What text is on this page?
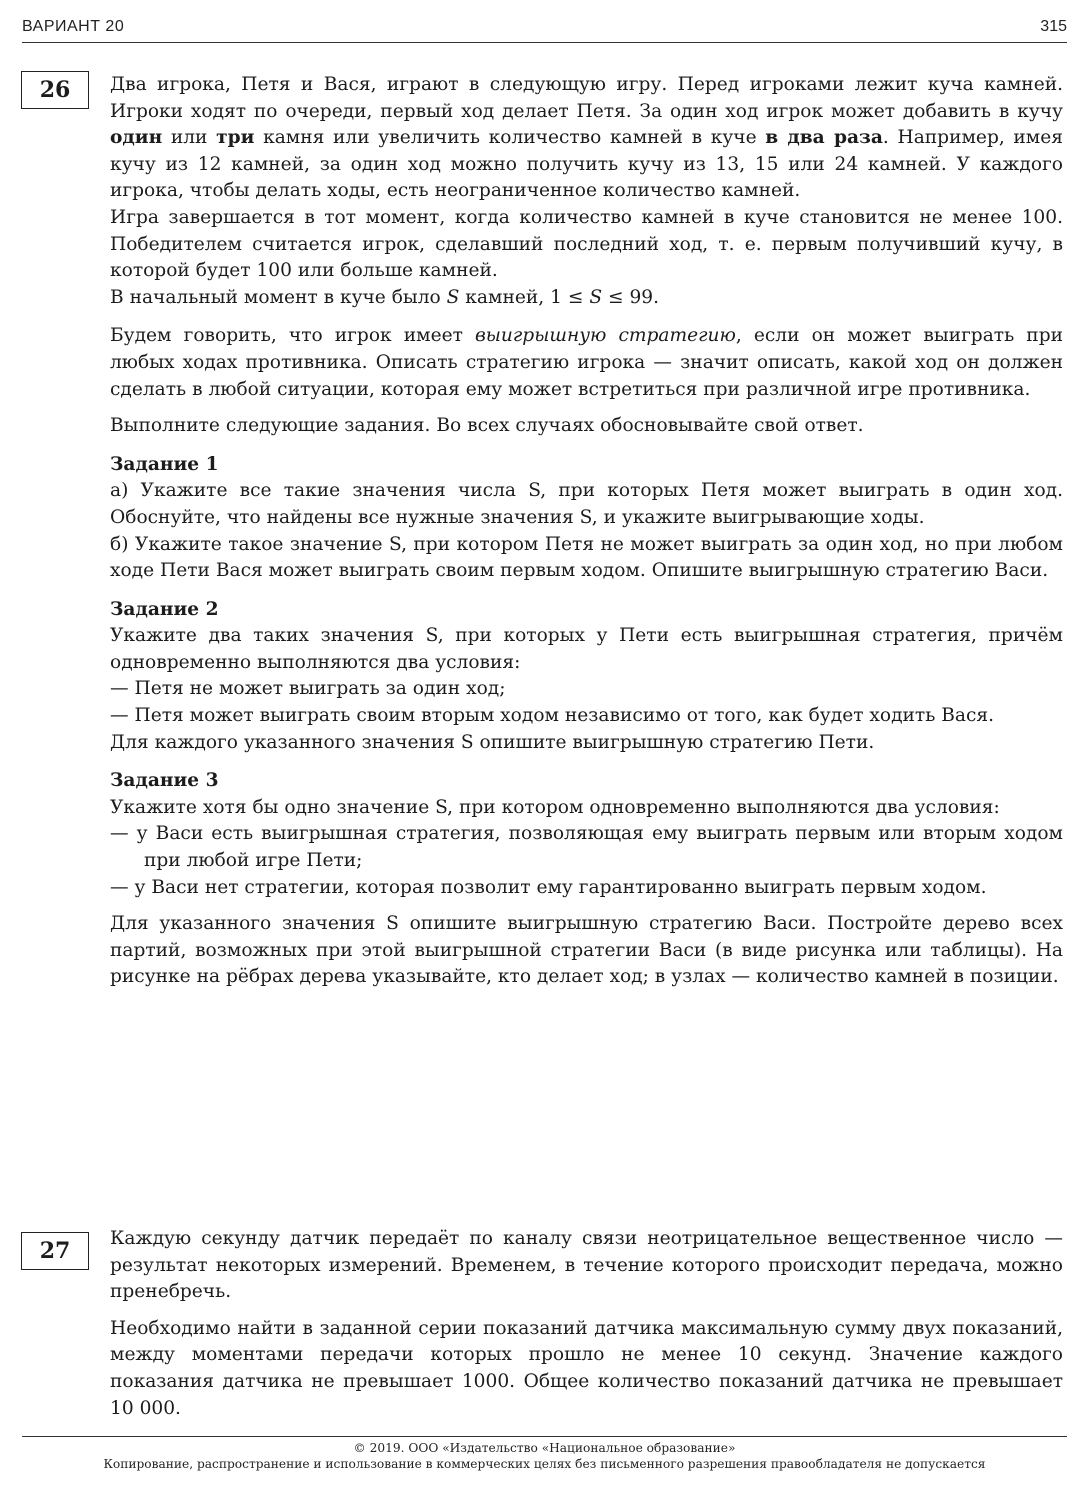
ВАРИАНТ 20	315
26	Два игрока, Петя и Вася, играют в следующую игру. Перед игроками лежит куча камней. Игроки ходят по очереди, первый ход делает Петя. За один ход игрок может добавить в кучу один или три камня или увеличить количество камней в куче в два раза. Например, имея кучу из 12 камней, за один ход можно получить кучу из 13, 15 или 24 камней. У каждого игрока, чтобы делать ходы, есть неограниченное количество камней.

Игра завершается в тот момент, когда количество камней в куче становится не менее 100. Победителем считается игрок, сделавший последний ход, т. е. первым получивший кучу, в которой будет 100 или больше камней.

В начальный момент в куче было S камней, 1 ≤ S ≤ 99.

Будем говорить, что игрок имеет выигрышную стратегию, если он может выиграть при любых ходах противника. Описать стратегию игрока — значит описать, какой ход он должен сделать в любой ситуации, которая ему может встретиться при различной игре противника.

Выполните следующие задания. Во всех случаях обосновывайте свой ответ.

Задание 1

а) Укажите все такие значения числа S, при которых Петя может выиграть в один ход. Обоснуйте, что найдены все нужные значения S, и укажите выигрывающие ходы.

б) Укажите такое значение S, при котором Петя не может выиграть за один ход, но при любом ходе Пети Вася может выиграть своим первым ходом. Опишите выигрышную стратегию Васи.

Задание 2

Укажите два таких значения S, при которых у Пети есть выигрышная стратегия, причём одновременно выполняются два условия:

— Петя не может выиграть за один ход;

— Петя может выиграть своим вторым ходом независимо от того, как будет ходить Вася.

Для каждого указанного значения S опишите выигрышную стратегию Пети.

Задание 3

Укажите хотя бы одно значение S, при котором одновременно выполняются два условия:

— у Васи есть выигрышная стратегия, позволяющая ему выиграть первым или вторым ходом при любой игре Пети;

— у Васи нет стратегии, которая позволит ему гарантированно выиграть первым ходом.

Для указанного значения S опишите выигрышную стратегию Васи. Постройте дерево всех партий, возможных при этой выигрышной стратегии Васи (в виде рисунка или таблицы). На рисунке на рёбрах дерева указывайте, кто делает ход; в узлах — количество камней в позиции.

27	Каждую секунду датчик передаёт по каналу связи неотрицательное вещественное число — результат некоторых измерений. Временем, в течение которого происходит передача, можно пренебречь.

Необходимо найти в заданной серии показаний датчика максимальную сумму двух показаний, между моментами передачи которых прошло не менее 10 секунд. Значение каждого показания датчика не превышает 1000. Общее количество показаний датчика не превышает 10 000.

© 2019. ООО «Издательство «Национальное образование»
Копирование, распространение и использование в коммерческих целях без письменного разрешения правообладателя не допускается
